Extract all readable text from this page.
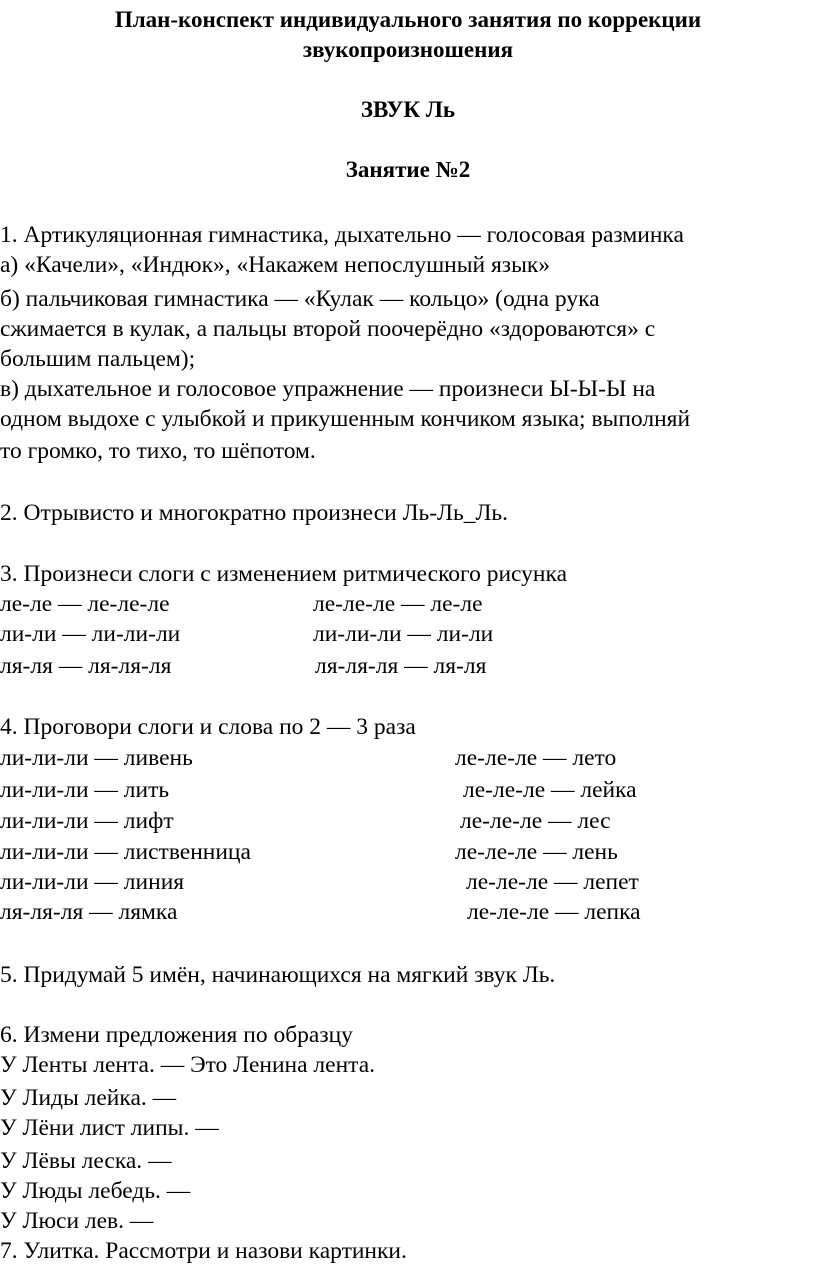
План-конспект индивидуального занятия по коррекции
звукопроизношения
ЗВУК Ль
Занятие №2
1. Артикуляционная гимнастика, дыхательно — голосовая разминка
а) «Качели», «Индюк», «Накажем непослушный язык»
б) пальчиковая гимнастика — «Кулак — кольцо» (одна рука
сжимается в кулак, а пальцы второй поочерёдно «здороваются» с
большим пальцем);
в) дыхательное и голосовое упражнение — произнеси Ы-Ы-Ы на
одном выдохе с улыбкой и прикушенным кончиком языка; выполняй
то громко, то тихо, то шёпотом.
2. Отрывисто и многократно произнеси Ль-Ль_Ль.
3. Произнеси слоги с изменением ритмического рисунка
ле-ле — ле-ле-ле	ле-ле-ле — ле-ле
ли-ли — ли-ли-ли	ли-ли-ли — ли-ли
ля-ля — ля-ля-ля	ля-ля-ля — ля-ля
4. Проговори слоги и слова по 2 — 3 раза
ли-ли-ли — ливень	ле-ле-ле — лето
ли-ли-ли — лить	ле-ле-ле — лейка
ли-ли-ли — лифт	ле-ле-ле — лес
ли-ли-ли — лиственница	ле-ле-ле — лень
ли-ли-ли — линия	ле-ле-ле — лепет
ля-ля-ля — лямка	ле-ле-ле — лепка
5. Придумай 5 имён, начинающихся на мягкий звук Ль.
6. Измени предложения по образцу
У Ленты лента. — Это Ленина лента.
У Лиды лейка. —
У Лёни лист липы. —
У Лёвы леска. —
У Люды лебедь. —
У Люси лев. —
7. Улитка. Рассмотри и назови картинки.
